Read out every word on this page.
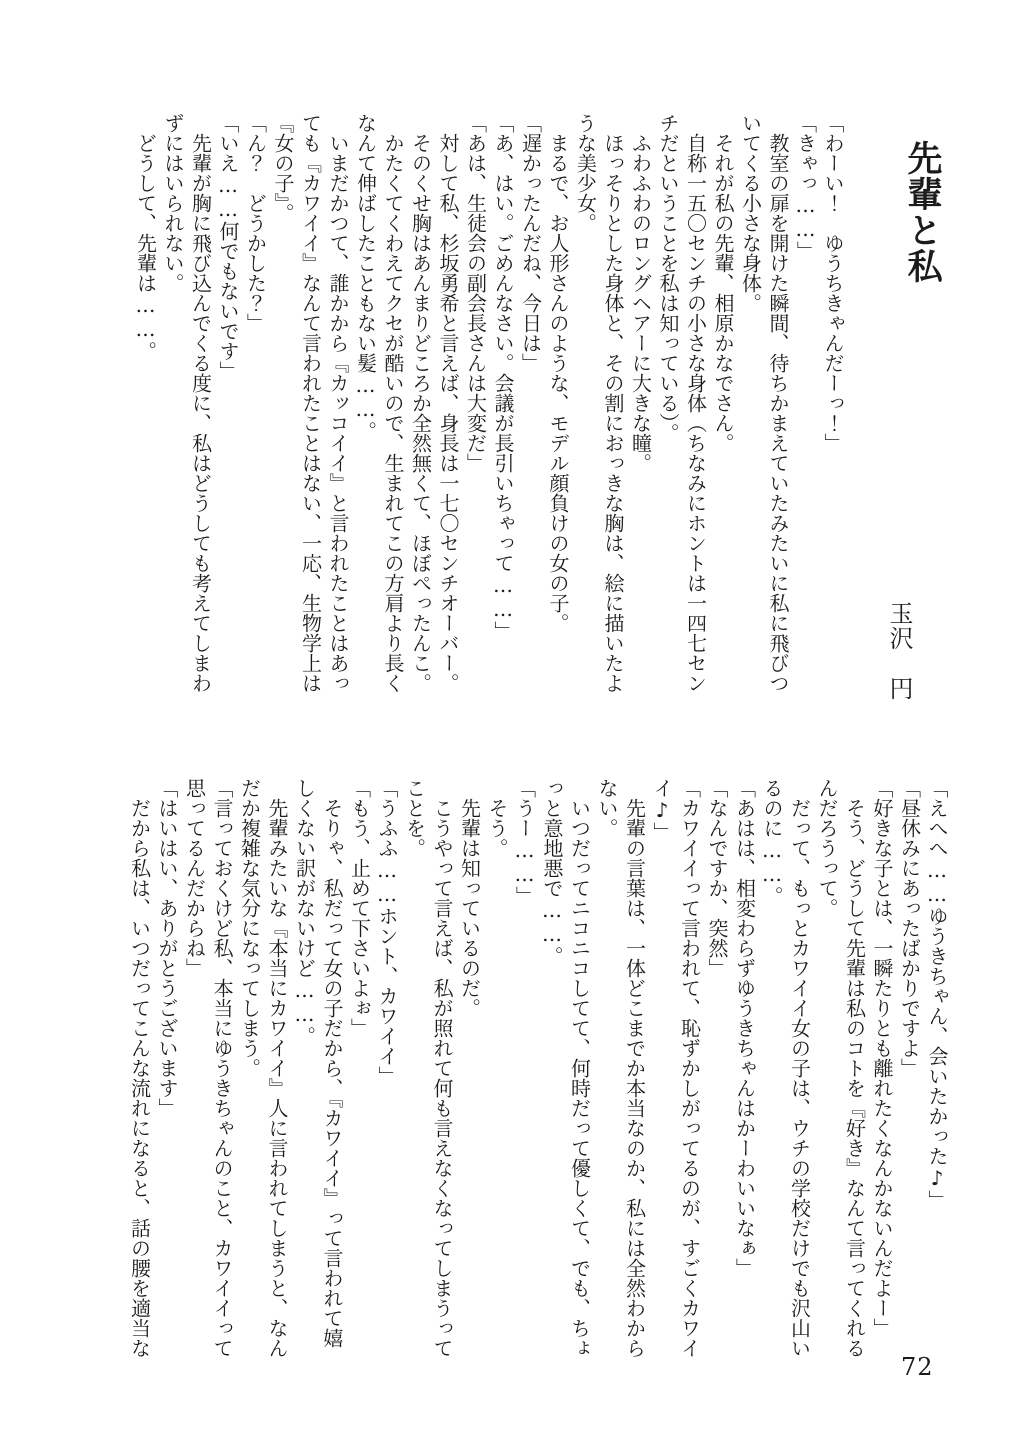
先輩と私
玉沢　円

「わーい！　ゆうちきゃんだーっ！」

「きゃっ……」

教室の扉を開けた瞬間、待ちかまえていたみたいに私に飛びついてくる小さな身体。

それが私の先輩、相原かなでさん。

自称一五〇センチの小さな身体（ちなみにホントは一四七センチだということを私は知っている）。

ふわふわのロングヘアーに大きな瞳。

ほっそりとした身体と、その割におっきな胸は、絵に描いたような美少女。

まるで、お人形さんのような、モデル顔負けの女の子。

「遅かったんだね、今日は」

「あ、はい。ごめんなさい。会議が長引いちゃって……」

「あは、生徒会の副会長さんは大変だ」

対して私、杉坂勇希と言えば、身長は一七〇センチオーバー。

そのくせ胸はあんまりどころか全然無くて、ほぼぺったんこ。

かたくてくわえてクセが酷いので、生まれてこの方肩より長くなんて伸ばしたこともない髪……。

いまだかつて、誰かから『カッコイイ』と言われたことはあっても『カワイイ』なんて言われたことはない、一応、生物学上は『女の子』。

「ん？　どうかした？」

「いえ……何でもないです」

先輩が胸に飛び込んでくる度に、私はどうしても考えてしまわずにはいられない。

どうして、先輩は……。

「えへへ……ゆうきちゃん、会いたかった♪」

「昼休みにあったばかりですよ」

「好きな子とは、一瞬たりとも離れたくなんかないんだよー」

そう、どうして先輩は私のコトを『好き』なんて言ってくれるんだろうって。

だって、もっとカワイイ女の子は、ウチの学校だけでも沢山いるのに……。

「あはは、相変わらずゆうきちゃんはかーわいいなぁ」

「なんですか、突然」

「カワイイって言われて、恥ずかしがってるのが、すごくカワイイ♪」

先輩の言葉は、一体どこまでか本当なのか、私には全然わからない。

いつだってニコニコしてて、何時だって優しくて、でも、ちょっと意地悪で……。

「うー……」

そう。

先輩は知っているのだ。

こうやって言えば、私が照れて何も言えなくなってしまうってことを。

「うふふ……ホント、カワイイ」

「もう、止めて下さいよぉ」

そりゃ、私だって女の子だから、『カワイイ』って言われて嬉しくない訳がないけど……。

先輩みたいな『本当にカワイイ』人に言われてしまうと、なんだか複雑な気分になってしまう。

「言っておくけど私、本当にゆうきちゃんのこと、カワイイって思ってるんだからね」

「はいはい、ありがとうございます」

だから私は、いつだってこんな流れになると、話の腰を適当な

72
